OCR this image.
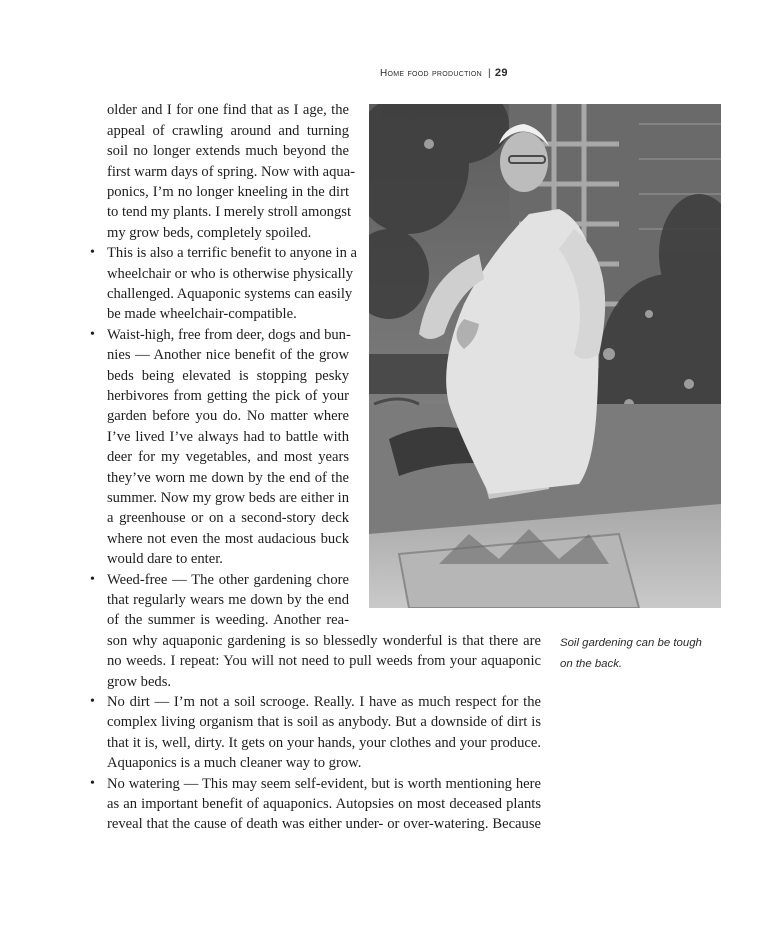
Home food production | 29
Soil gardening can be tough
on the back.
older and I for one find that as I age, the
appeal of crawling around and turning
soil no longer extends much beyond the
first warm days of spring. Now with aqua-
ponics, I’m no longer kneeling in the dirt
to tend my plants. I merely stroll amongst
my grow beds, completely spoiled.
• This is also a terrific benefit to anyone in a
wheelchair or who is otherwise physically
challenged. Aquaponic systems can easily
be made wheelchair-compatible.
• Waist-high, free from deer, dogs and bun-
nies — Another nice benefit of the grow
beds being elevated is stopping pesky
herbivores from getting the pick of your
garden before you do. No matter where
I’ve lived I’ve always had to battle with
deer for my vegetables, and most years
they’ve worn me down by the end of the
summer. Now my grow beds are either in
a greenhouse or on a second-story deck
where not even the most audacious buck
would dare to enter.
• Weed-free — The other gardening chore
that regularly wears me down by the end
of the summer is weeding. Another rea-
son why aquaponic gardening is so blessedly wonderful is that there are
no weeds. I repeat: You will not need to pull weeds from your aquaponic
grow beds.
• No dirt — I’m not a soil scrooge. Really. I have as much respect for the
complex living organism that is soil as anybody. But a downside of dirt is
that it is, well, dirty. It gets on your hands, your clothes and your produce.
Aquaponics is a much cleaner way to grow.
• No watering — This may seem self-evident, but is worth mentioning here
as an important benefit of aquaponics. Autopsies on most deceased plants
reveal that the cause of death was either under- or over-watering. Because
